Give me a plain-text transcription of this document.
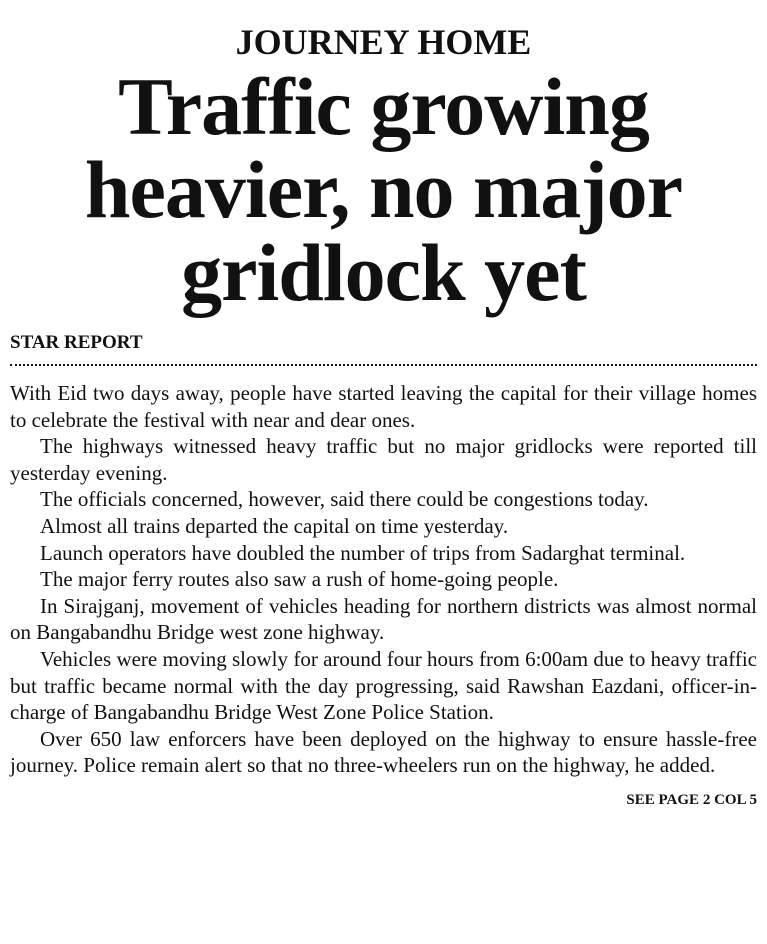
JOURNEY HOME
Traffic growing heavier, no major gridlock yet
STAR REPORT

With Eid two days away, people have started leaving the capital for their village homes to celebrate the festival with near and dear ones.

The highways witnessed heavy traffic but no major gridlocks were reported till yesterday evening.

The officials concerned, however, said there could be congestions today.

Almost all trains departed the capital on time yesterday.

Launch operators have doubled the number of trips from Sadarghat terminal.

The major ferry routes also saw a rush of home-going people.

In Sirajganj, movement of vehicles heading for northern districts was almost normal on Bangabandhu Bridge west zone highway.

Vehicles were moving slowly for around four hours from 6:00am due to heavy traffic but traffic became normal with the day progressing, said Rawshan Eazdani, officer-in-charge of Bangabandhu Bridge West Zone Police Station.

Over 650 law enforcers have been deployed on the highway to ensure hassle-free journey. Police remain alert so that no three-wheelers run on the highway, he added.

SEE PAGE 2 COL 5
